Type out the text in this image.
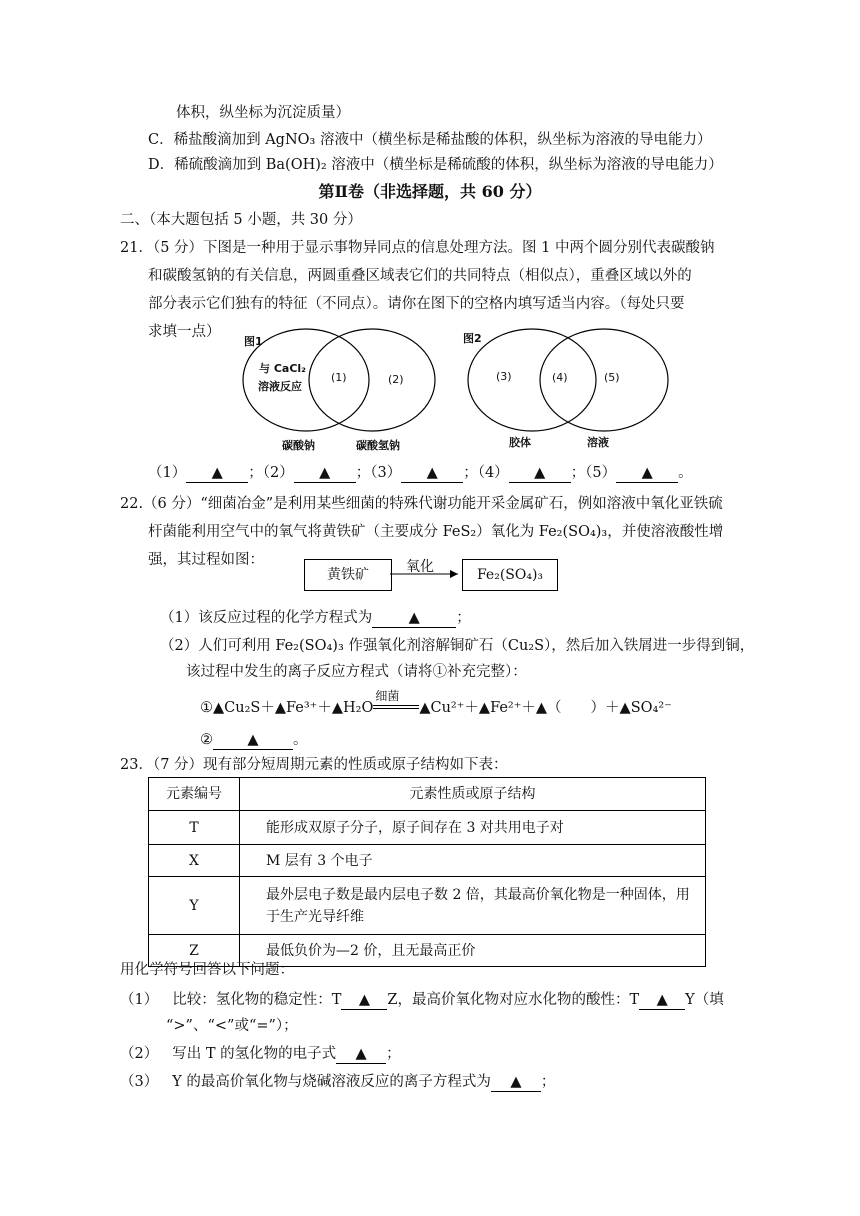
体积，纵坐标为沉淀质量）
C．稀盐酸滴加到 AgNO₃ 溶液中（横坐标是稀盐酸的体积，纵坐标为溶液的导电能力）
D．稀硫酸滴加到 Ba(OH)₂ 溶液中（横坐标是稀硫酸的体积，纵坐标为溶液的导电能力）
第Ⅱ卷（非选择题，共 60 分）
二、（本大题包括 5 小题，共 30 分）
21．（5 分）下图是一种用于显示事物异同点的信息处理方法。图 1 中两个圆分别代表碳酸钠
和碳酸氢钠的有关信息，两圆重叠区域表它们的共同特点（相似点），重叠区域以外的
部分表示它们独有的特征（不同点）。请你在图下的空格内填写适当内容。（每处只要
求填一点）
图1
与 CaCl₂
溶液反应
(1)	(2)
碳酸钠	碳酸氢钠
图2
(3)	(4)	(5)
胶体	溶液
（1） ▲ ；（2） ▲ ；（3） ▲ ；（4） ▲ ；（5） ▲ 。
22.（6 分）“细菌冶金”是利用某些细菌的特殊代谢功能开采金属矿石，例如溶液中氧化亚铁硫
杆菌能利用空气中的氧气将黄铁矿（主要成分 FeS₂）氧化为 Fe₂(SO₄)₃，并使溶液酸性增
强，其过程如图：
黄铁矿	氧化	Fe₂(SO₄)₃
（1）该反应过程的化学方程式为	▲	；
（2）人们可利用 Fe₂(SO₄)₃ 作强氧化剂溶解铜矿石（Cu₂S），然后加入铁屑进一步得到铜，
该过程中发生的离子反应方程式（请将①补充完整）：
①▲Cu₂S＋▲Fe³⁺＋▲H₂O
细菌
▲Cu²⁺＋▲Fe²⁺＋▲（　　）＋▲SO₄²⁻
② ▲ 。
23．（7 分）现有部分短周期元素的性质或原子结构如下表：
元素编号	元素性质或原子结构
T	能形成双原子分子，原子间存在 3 对共用电子对
X	M 层有 3 个电子
Y	最外层电子数是最内层电子数 2 倍，其最高价氧化物是一种固体，用于生产光导纤维
Z	最低负价为—2 价，且无最高正价
用化学符号回答以下问题：
（1） 比较：氢化物的稳定性：T ▲ Z，最高价氧化物对应水化物的酸性：T ▲ Y（填
“>”、“<”或“=”）；
（2） 写出 T 的氢化物的电子式 ▲ ；
（3） Y 的最高价氧化物与烧碱溶液反应的离子方程式为 ▲ ；
